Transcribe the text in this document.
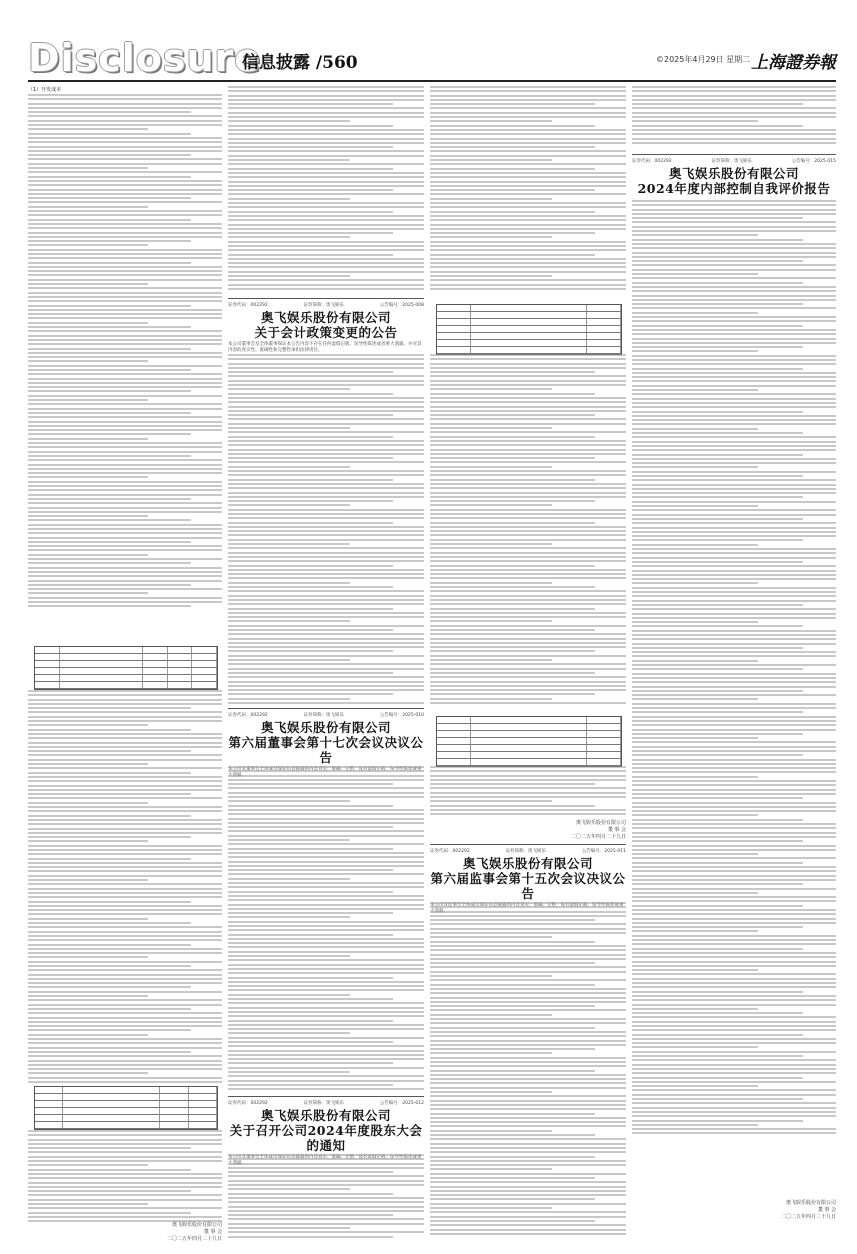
Disclosure
信息披露 /560	©2025年4月29日 星期二 上海證券報
（1）开发成本
奥飞娱乐股份有限公司
董 事 会
二〇二五年四月二十九日
证券代码：002292	证券简称：奥飞娱乐	公告编号：2025-008
奥飞娱乐股份有限公司
关于会计政策变更的公告
本公司董事会及全体董事保证本公告内容不存在任何虚假记载、误导性陈述或者重大遗漏，并对其内容的真实性、准确性和完整性承担法律责任。
证券代码：002292	证券简称：奥飞娱乐	公告编号：2025-010
奥飞娱乐股份有限公司
第六届董事会第十七次会议决议公告
证券代码：002292	证券简称：奥飞娱乐	公告编号：2025-012
奥飞娱乐股份有限公司
关于召开公司2024年度股东大会的通知
奥飞娱乐股份有限公司
董 事 会
二〇二五年四月二十九日
证券代码：002292	证券简称：奥飞娱乐	公告编号：2025-011
奥飞娱乐股份有限公司
第六届监事会第十五次会议决议公告
证券代码：002292	证券简称：奥飞娱乐	公告编号：2025-015
奥飞娱乐股份有限公司
2024年度内部控制自我评价报告
奥飞娱乐股份有限公司
董 事 会
二〇二五年四月二十九日
